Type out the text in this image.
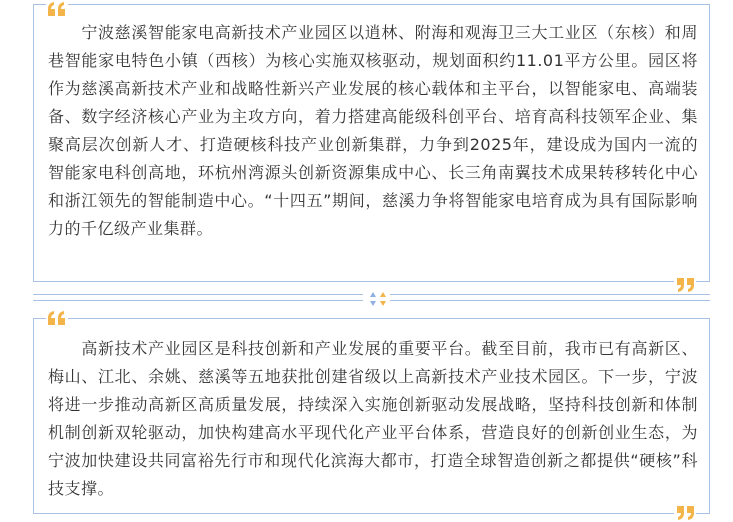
　　宁波慈溪智能家电高新技术产业园区以逍林、附海和观海卫三大工业区（东核）和周巷智能家电特色小镇（西核）为核心实施双核驱动，规划面积约11.01平方公里。园区将作为慈溪高新技术产业和战略性新兴产业发展的核心载体和主平台，以智能家电、高端装备、数字经济核心产业为主攻方向，着力搭建高能级科创平台、培育高科技领军企业、集聚高层次创新人才、打造硬核科技产业创新集群，力争到2025年，建设成为国内一流的智能家电科创高地，环杭州湾源头创新资源集成中心、长三角南翼技术成果转移转化中心和浙江领先的智能制造中心。“十四五”期间，慈溪力争将智能家电培育成为具有国际影响力的千亿级产业集群。

　　高新技术产业园区是科技创新和产业发展的重要平台。截至目前，我市已有高新区、梅山、江北、余姚、慈溪等五地获批创建省级以上高新技术产业技术园区。下一步，宁波将进一步推动高新区高质量发展，持续深入实施创新驱动发展战略，坚持科技创新和体制机制创新双轮驱动，加快构建高水平现代化产业平台体系，营造良好的创新创业生态，为宁波加快建设共同富裕先行市和现代化滨海大都市，打造全球智造创新之都提供“硬核”科技支撑。
